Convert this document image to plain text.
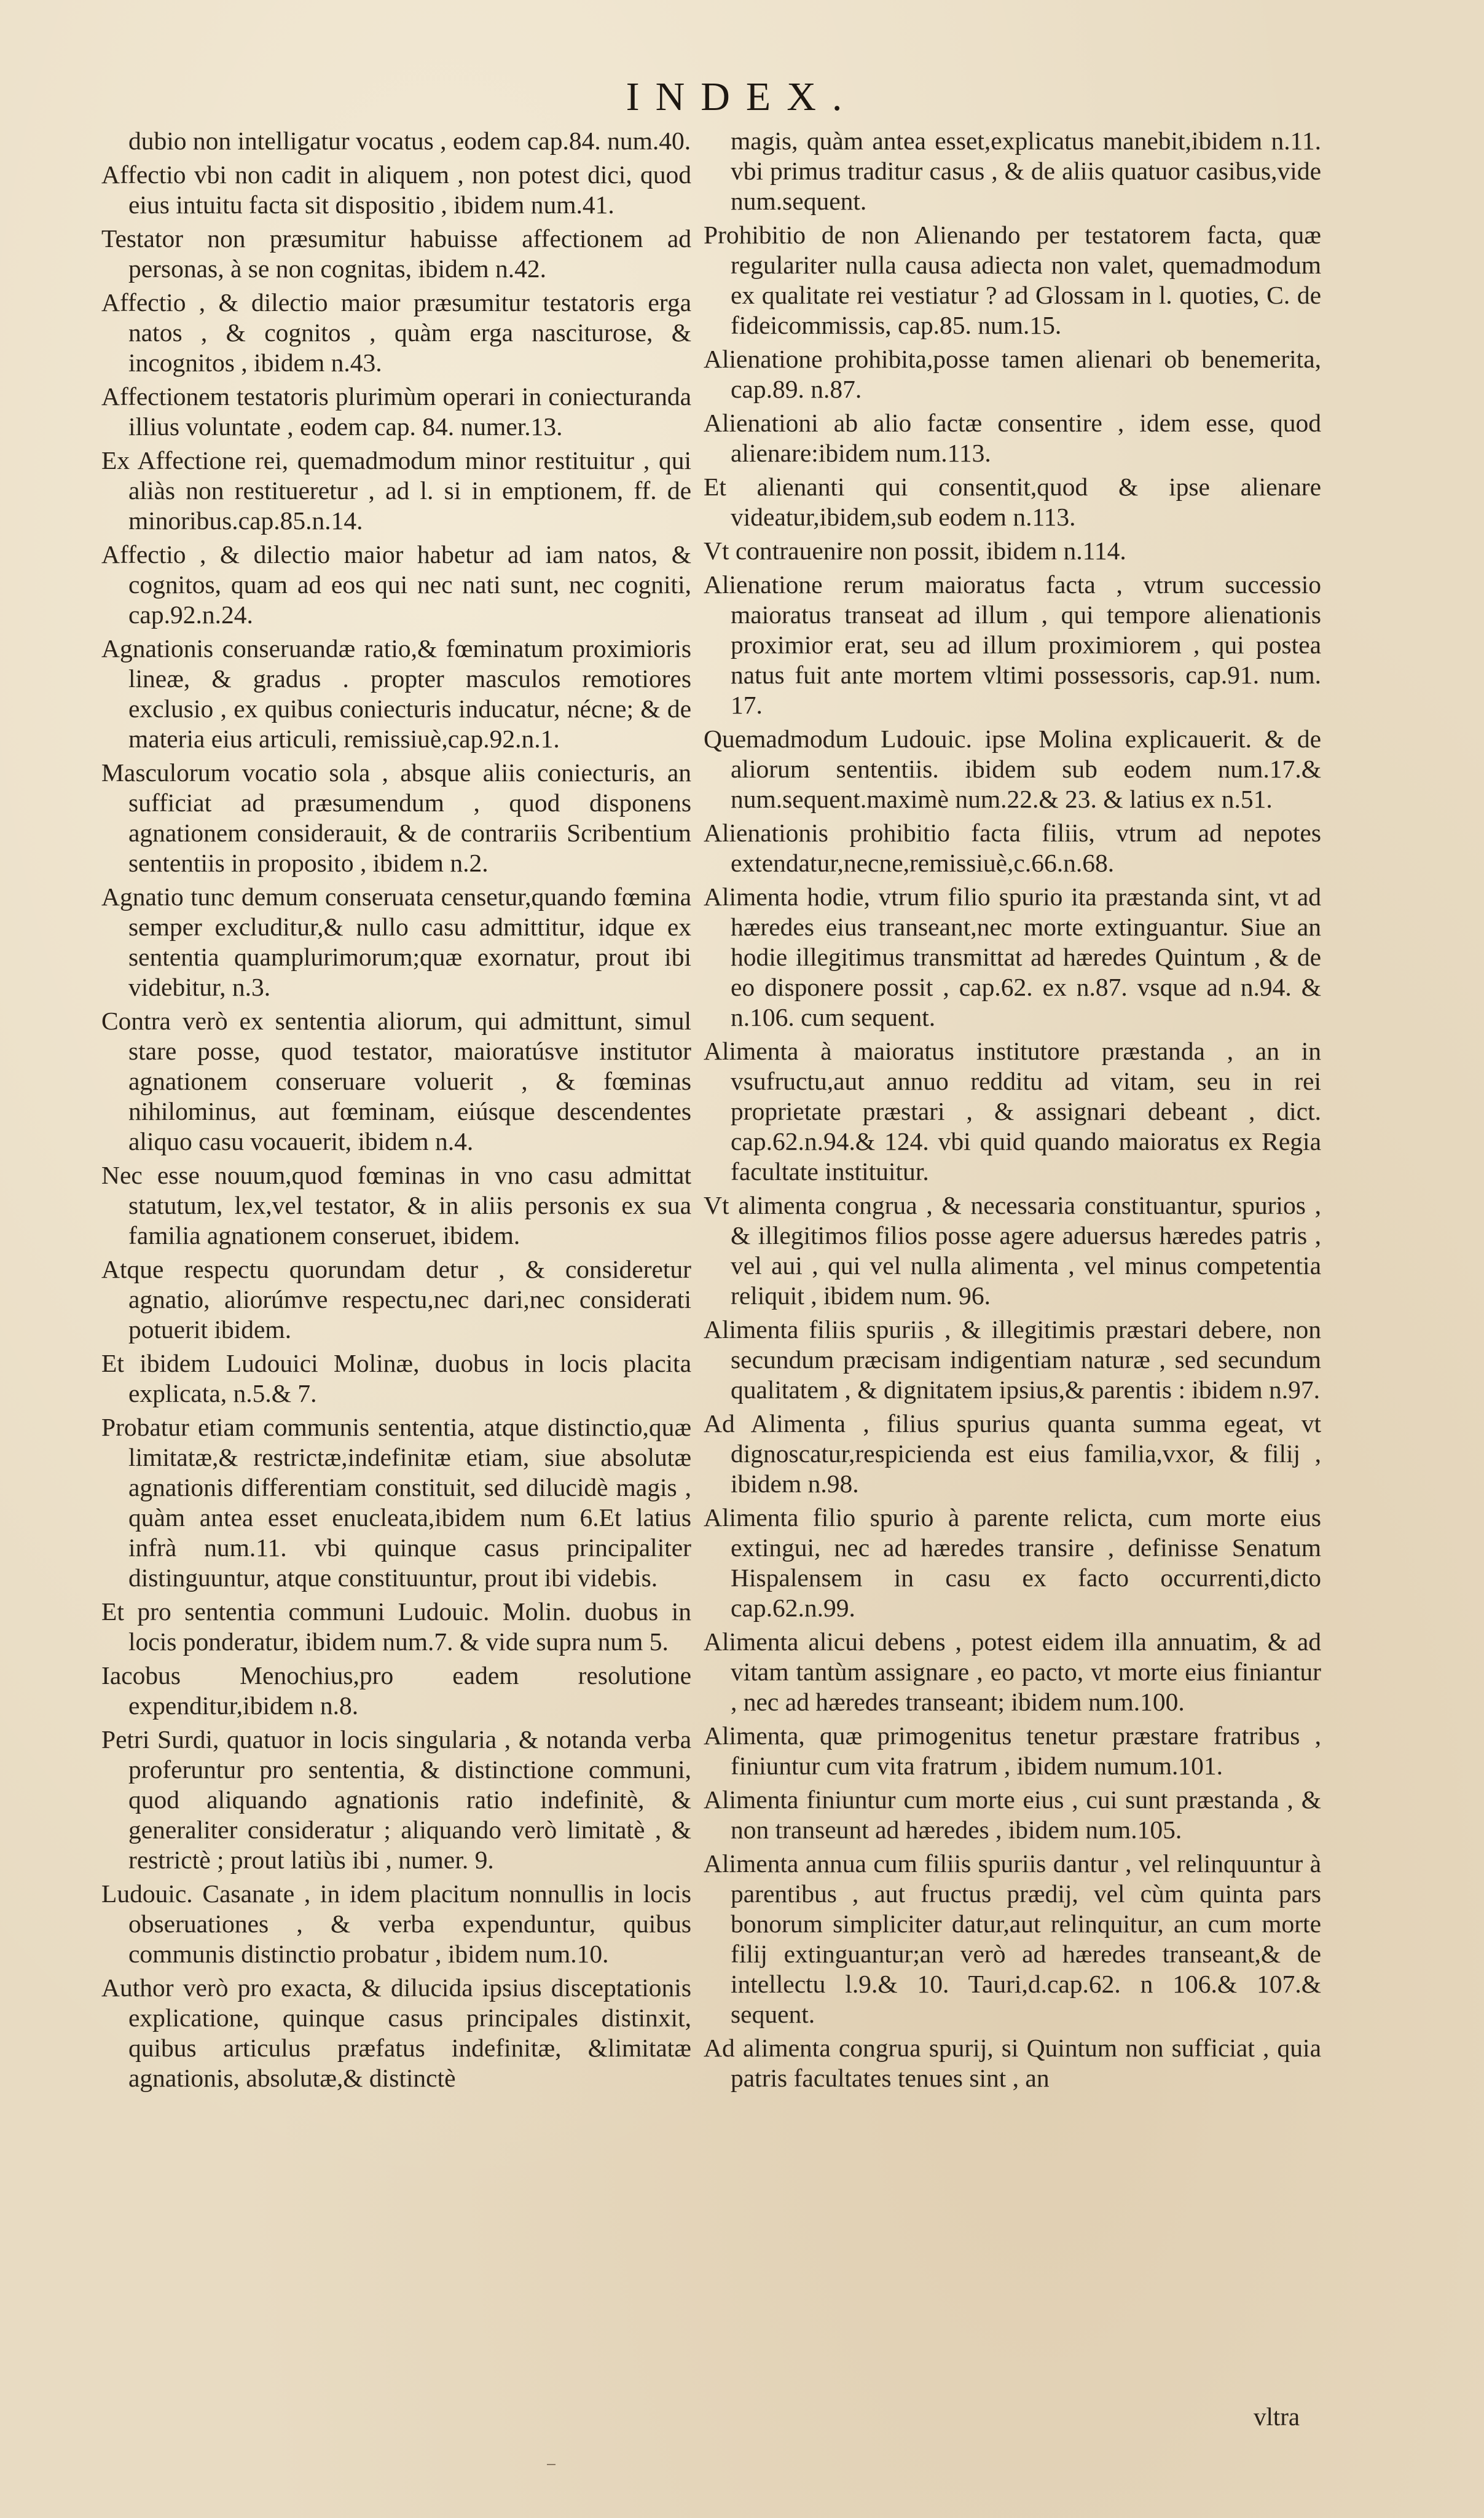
INDEX.
dubio non intelligatur vocatus , eodem cap.84. num.40.
Affectio vbi non cadit in aliquem , non potest dici, quod eius intuitu facta sit dispositio , ibidem num.41.
Testator non præsumitur habuisse affectionem ad personas, à se non cognitas, ibidem n.42.
Affectio , & dilectio maior præsumitur testatoris erga natos , & cognitos , quàm erga nasciturose, & incognitos , ibidem n.43.
Affectionem testatoris plurimùm operari in coniecturanda illius voluntate , eodem cap. 84. numer.13.
Ex Affectione rei, quemadmodum minor restituitur , qui aliàs non restitueretur , ad l. si in emptionem, ff. de minoribus.cap.85.n.14.
Affectio , & dilectio maior habetur ad iam natos, & cognitos, quam ad eos qui nec nati sunt, nec cogniti, cap.92.n.24.
Agnationis conseruandæ ratio,& fœminatum proximioris lineæ, & gradus . propter masculos remotiores exclusio , ex quibus coniecturis inducatur, nécne; & de materia eius articuli, remissiuè,cap.92.n.1.
Masculorum vocatio sola , absque aliis coniecturis, an sufficiat ad præsumendum , quod disponens agnationem considerauit, & de contrariis Scribentium sententiis in proposito , ibidem n.2.
Agnatio tunc demum conseruata censetur,quando fœmina semper excluditur,& nullo casu admittitur, idque ex sententia quamplurimorum;quæ exornatur, prout ibi videbitur, n.3.
Contra verò ex sententia aliorum, qui admittunt, simul stare posse, quod testator, maioratúsve institutor agnationem conseruare voluerit , & fœminas nihilominus, aut fœminam, eiúsque descendentes aliquo casu vocauerit, ibidem n.4.
Nec esse nouum,quod fœminas in vno casu admittat statutum, lex,vel testator, & in aliis personis ex sua familia agnationem conseruet, ibidem.
Atque respectu quorundam detur , & consideretur agnatio, aliorúmve respectu,nec dari,nec considerati potuerit ibidem.
Et ibidem Ludouici Molinæ, duobus in locis placita explicata, n.5.& 7.
Probatur etiam communis sententia, atque distinctio,quæ limitatæ,& restrictæ,indefinitæ etiam, siue absolutæ agnationis differentiam constituit, sed dilucidè magis , quàm antea esset enucleata,ibidem num 6.Et latius infrà num.11. vbi quinque casus principaliter distinguuntur, atque constituuntur, prout ibi videbis.
Et pro sententia communi Ludouic. Molin. duobus in locis ponderatur, ibidem num.7. & vide supra num 5.
Iacobus Menochius,pro eadem resolutione expenditur,ibidem n.8.
Petri Surdi, quatuor in locis singularia , & notanda verba proferuntur pro sententia, & distinctione communi, quod aliquando agnationis ratio indefinitè, & generaliter consideratur ; aliquando verò limitatè , & restrictè ; prout latiùs ibi , numer. 9.
Ludouic. Casanate , in idem placitum nonnullis in locis obseruationes , & verba expenduntur, quibus communis distinctio probatur , ibidem num.10.
Author verò pro exacta, & dilucida ipsius disceptationis explicatione, quinque casus principales distinxit, quibus articulus præfatus indefinitæ, &limitatæ agnationis, absolutæ,& distinctè
magis, quàm antea esset,explicatus manebit,ibidem n.11. vbi primus traditur casus , & de aliis quatuor casibus,vide num.sequent.
Prohibitio de non Alienando per testatorem facta, quæ regulariter nulla causa adiecta non valet, quemadmodum ex qualitate rei vestiatur ? ad Glossam in l. quoties, C. de fideicommissis, cap.85. num.15.
Alienatione prohibita,posse tamen alienari ob benemerita, cap.89. n.87.
Alienationi ab alio factæ consentire , idem esse, quod alienare:ibidem num.113.
Et alienanti qui consentit,quod & ipse alienare videatur,ibidem,sub eodem n.113.
Vt contrauenire non possit, ibidem n.114.
Alienatione rerum maioratus facta , vtrum successio maioratus transeat ad illum , qui tempore alienationis proximior erat, seu ad illum proximiorem , qui postea natus fuit ante mortem vltimi possessoris, cap.91. num. 17.
Quemadmodum Ludouic. ipse Molina explicauerit. & de aliorum sententiis. ibidem sub eodem num.17.& num.sequent.maximè num.22.& 23. & latius ex n.51.
Alienationis prohibitio facta filiis, vtrum ad nepotes extendatur,necne,remissiuè,c.66.n.68.
Alimenta hodie, vtrum filio spurio ita præstanda sint, vt ad hæredes eius transeant,nec morte extinguantur. Siue an hodie illegitimus transmittat ad hæredes Quintum , & de eo disponere possit , cap.62. ex n.87. vsque ad n.94. & n.106. cum sequent.
Alimenta à maioratus institutore præstanda , an in vsufructu,aut annuo redditu ad vitam, seu in rei proprietate præstari , & assignari debeant , dict. cap.62.n.94.& 124. vbi quid quando maioratus ex Regia facultate instituitur.
Vt alimenta congrua , & necessaria constituantur, spurios , & illegitimos filios posse agere aduersus hæredes patris , vel aui , qui vel nulla alimenta , vel minus competentia reliquit , ibidem num. 96.
Alimenta filiis spuriis , & illegitimis præstari debere, non secundum præcisam indigentiam naturæ , sed secundum qualitatem , & dignitatem ipsius,& parentis : ibidem n.97.
Ad Alimenta , filius spurius quanta summa egeat, vt dignoscatur,respicienda est eius familia,vxor, & filij , ibidem n.98.
Alimenta filio spurio à parente relicta, cum morte eius extingui, nec ad hæredes transire , definisse Senatum Hispalensem in casu ex facto occurrenti,dicto cap.62.n.99.
Alimenta alicui debens , potest eidem illa annuatim, & ad vitam tantùm assignare , eo pacto, vt morte eius finiantur , nec ad hæredes transeant; ibidem num.100.
Alimenta, quæ primogenitus tenetur præstare fratribus , finiuntur cum vita fratrum , ibidem numum.101.
Alimenta finiuntur cum morte eius , cui sunt præstanda , & non transeunt ad hæredes , ibidem num.105.
Alimenta annua cum filiis spuriis dantur , vel relinquuntur à parentibus , aut fructus prædij, vel cùm quinta pars bonorum simpliciter datur,aut relinquitur, an cum morte filij extinguantur;an verò ad hæredes transeant,& de intellectu l.9.& 10. Tauri,d.cap.62. n 106.& 107.& sequent.
Ad alimenta congrua spurij, si Quintum non sufficiat , quia patris facultates tenues sint , an
vltra
